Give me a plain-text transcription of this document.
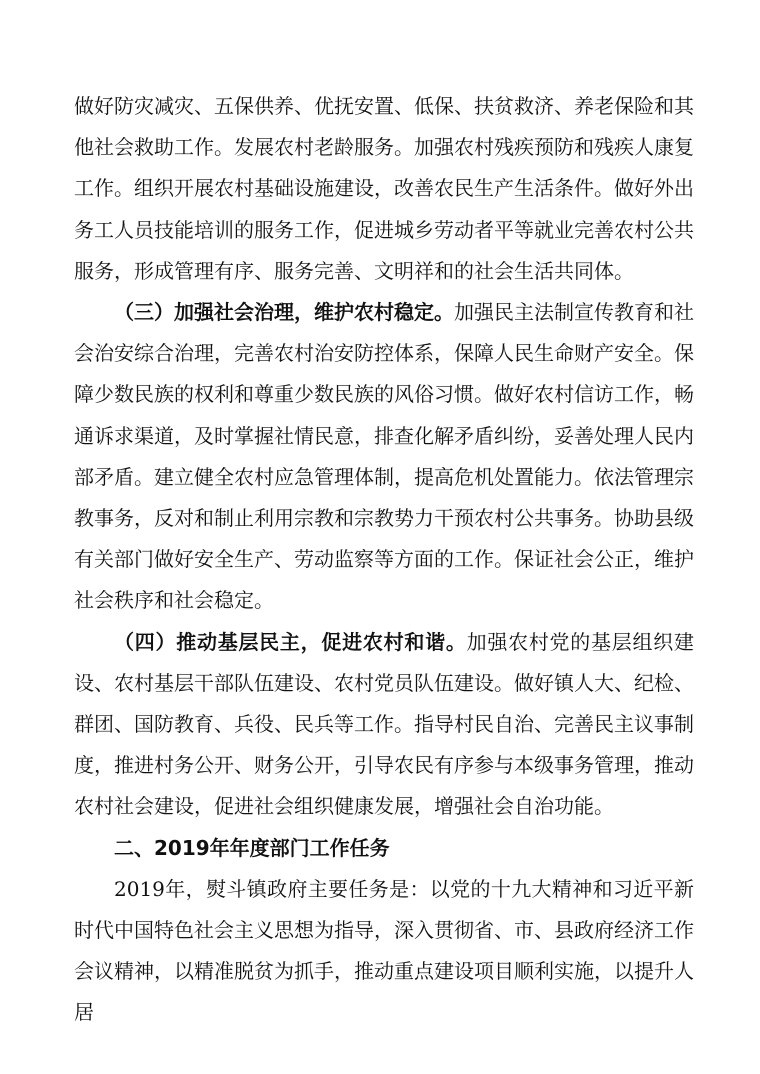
做好防灾减灾、五保供养、优抚安置、低保、扶贫救济、养老保险和其他社会救助工作。发展农村老龄服务。加强农村残疾预防和残疾人康复工作。组织开展农村基础设施建设，改善农民生产生活条件。做好外出务工人员技能培训的服务工作，促进城乡劳动者平等就业完善农村公共服务，形成管理有序、服务完善、文明祥和的社会生活共同体。

（三）加强社会治理，维护农村稳定。加强民主法制宣传教育和社会治安综合治理，完善农村治安防控体系，保障人民生命财产安全。保障少数民族的权利和尊重少数民族的风俗习惯。做好农村信访工作，畅通诉求渠道，及时掌握社情民意，排查化解矛盾纠纷，妥善处理人民内部矛盾。建立健全农村应急管理体制，提高危机处置能力。依法管理宗教事务，反对和制止利用宗教和宗教势力干预农村公共事务。协助县级有关部门做好安全生产、劳动监察等方面的工作。保证社会公正，维护社会秩序和社会稳定。

（四）推动基层民主，促进农村和谐。加强农村党的基层组织建设、农村基层干部队伍建设、农村党员队伍建设。做好镇人大、纪检、群团、国防教育、兵役、民兵等工作。指导村民自治、完善民主议事制度，推进村务公开、财务公开，引导农民有序参与本级事务管理，推动农村社会建设，促进社会组织健康发展，增强社会自治功能。

二、2019年年度部门工作任务

2019年，熨斗镇政府主要任务是：以党的十九大精神和习近平新时代中国特色社会主义思想为指导，深入贯彻省、市、县政府经济工作会议精神，以精准脱贫为抓手，推动重点建设项目顺利实施，以提升人居
